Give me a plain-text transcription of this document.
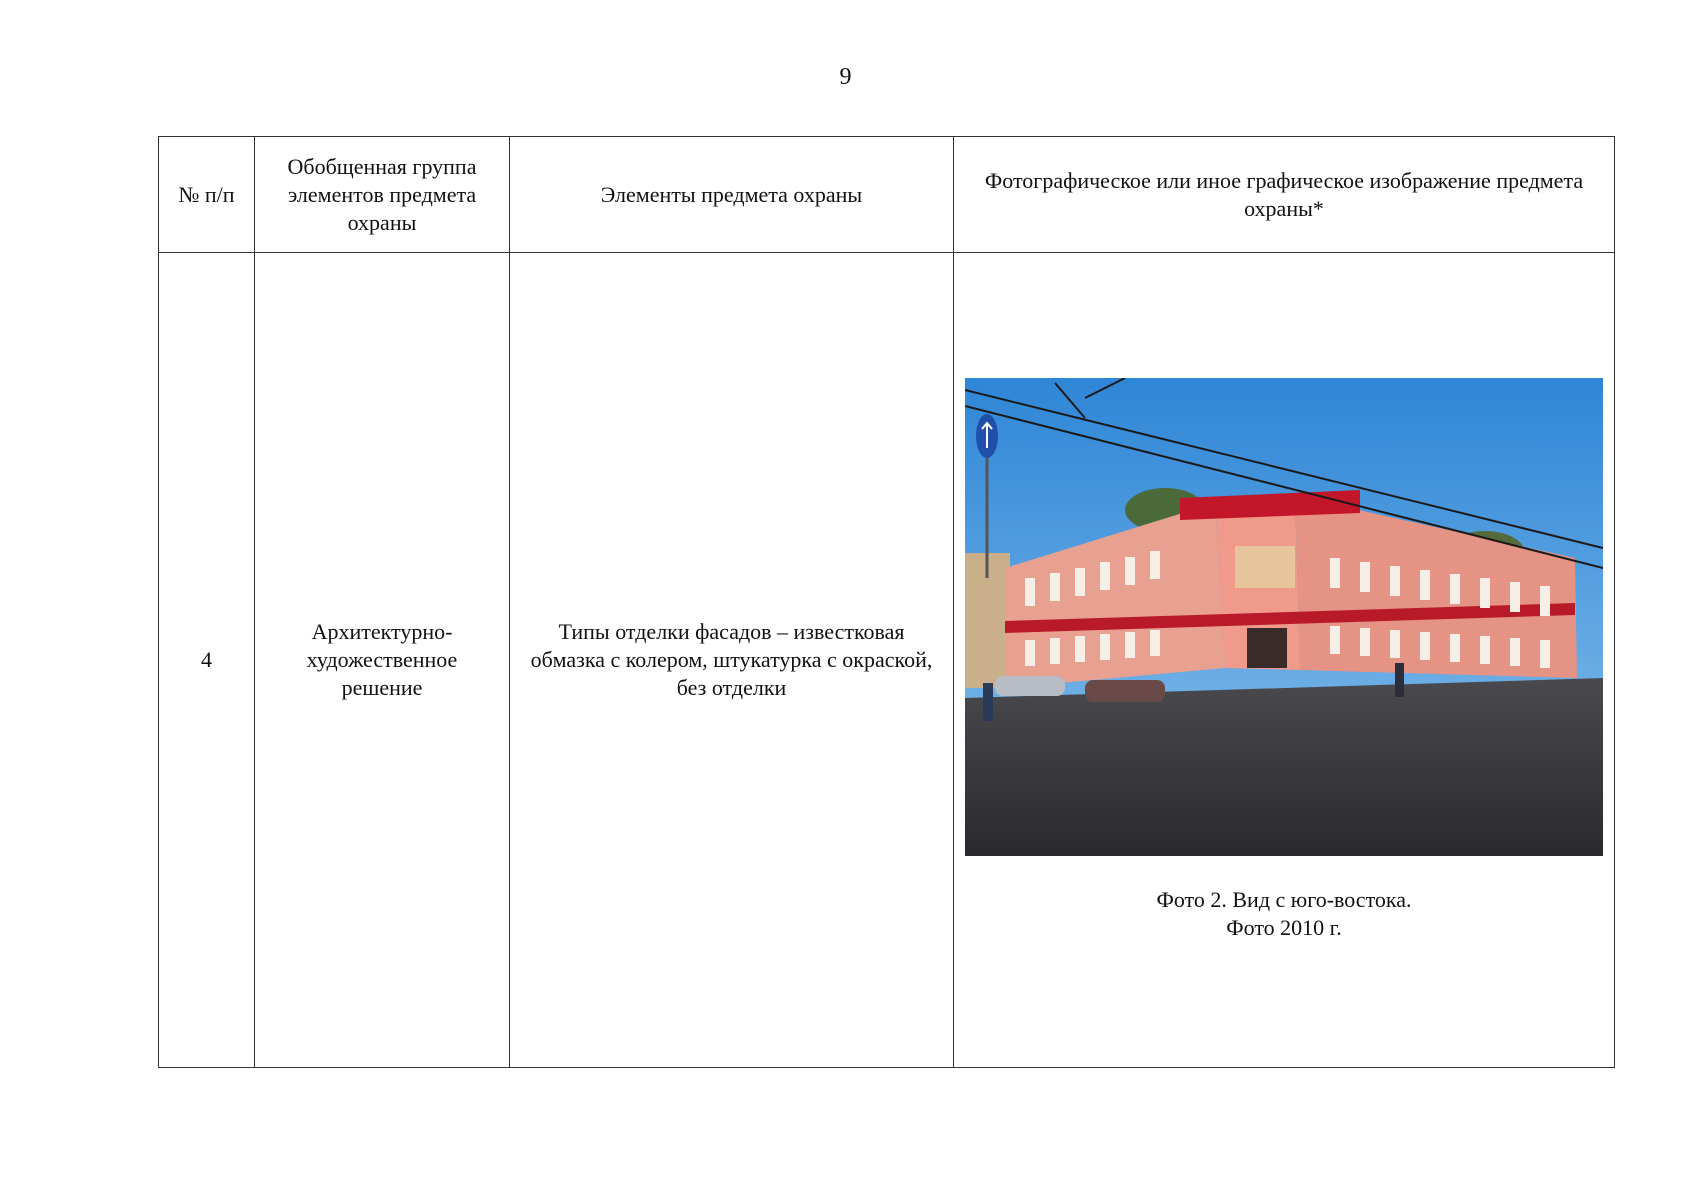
9
№ п/п	Обобщенная группа элементов предмета охраны	Элементы предмета охраны	Фотографическое или иное графическое изображение предмета охраны*
4	Архитектурно-художественное решение	Типы отделки фасадов – известковая обмазка с колером, штукатурка с окраской, без отделки	Фото 2. Вид с юго-востока.
Фото 2010 г.
